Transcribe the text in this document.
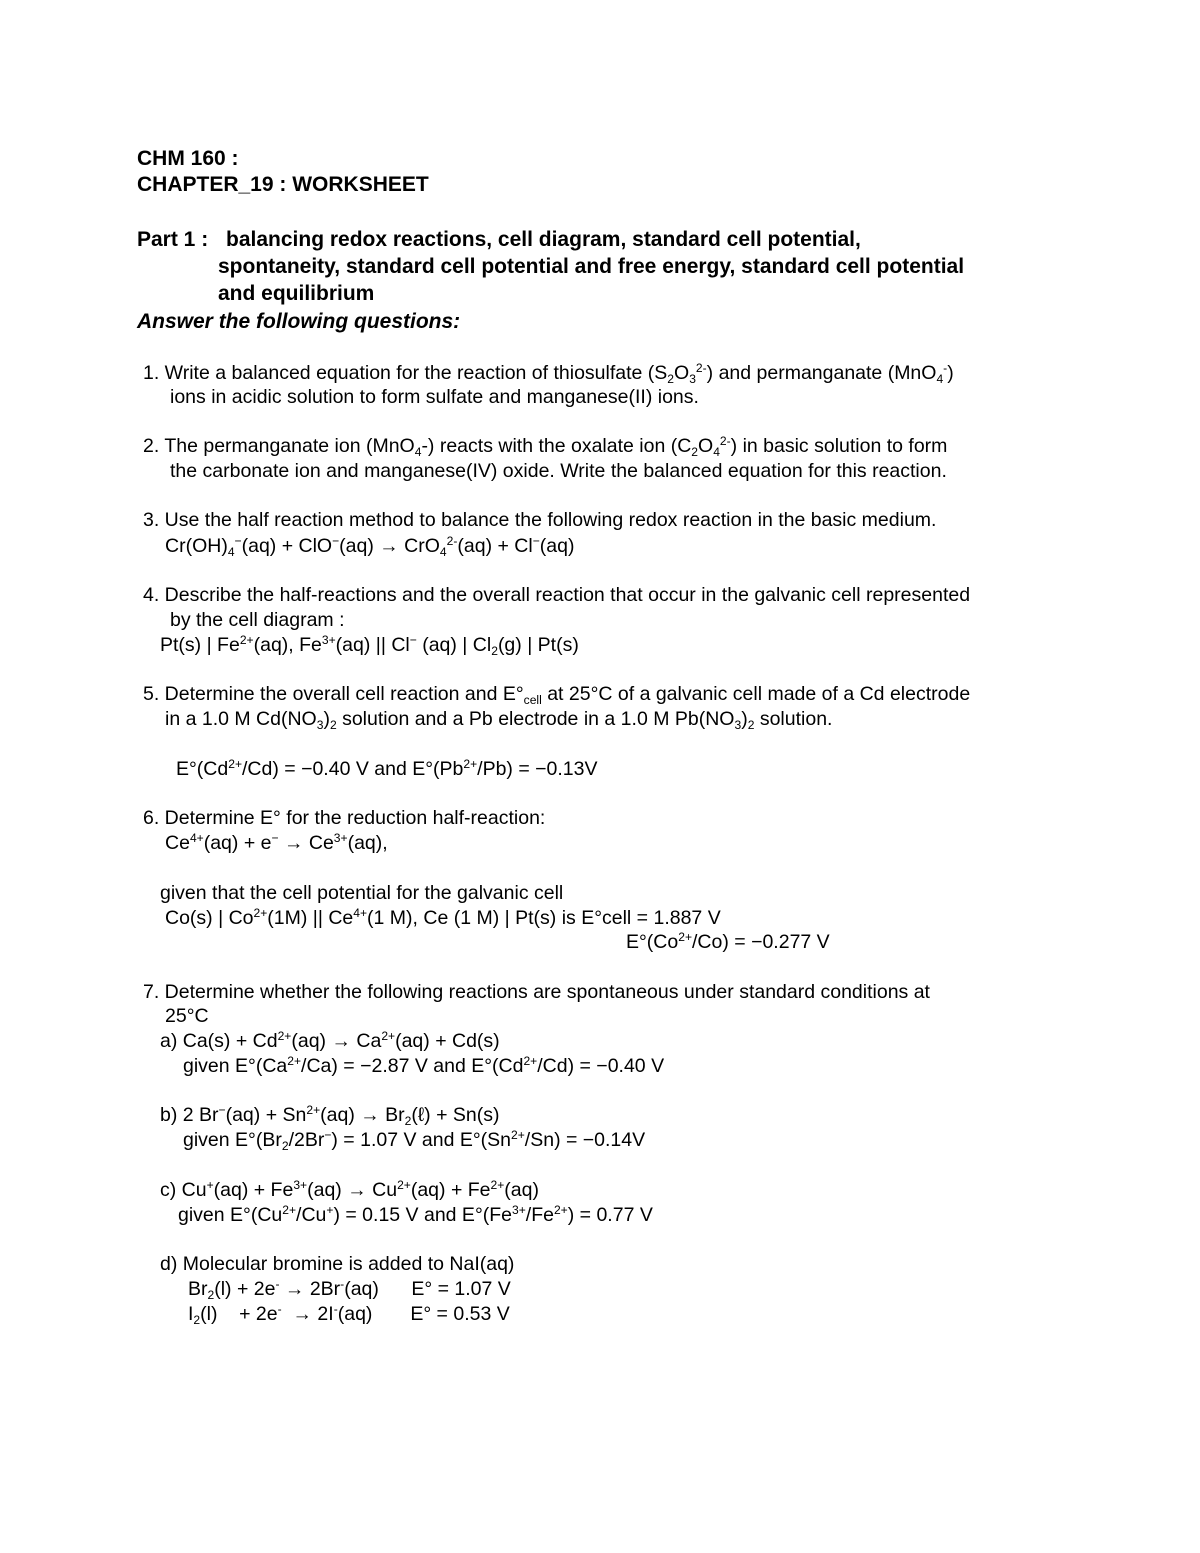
CHM 160 :
CHAPTER_19 : WORKSHEET
Part 1 : balancing redox reactions, cell diagram, standard cell potential,
spontaneity, standard cell potential and free energy, standard cell potential
and equilibrium
Answer the following questions:
1. Write a balanced equation for the reaction of thiosulfate $(S_2O_3^{2-})$ and permanganate (MnO$_4$-)
ions in acidic solution to form sulfate and manganese(II) ions.
2. The permanganate ion (MnO$_4$-) reacts with the oxalate ion $(C_2O_4^{2-})$ in basic solution to form
the carbonate ion and manganese(IV) oxide. Write the balanced equation for this reaction.
3. Use the half reaction method to balance the following redox reaction in the basic medium.
$Cr(OH)_4^-(aq) + ClO^-(aq) \to CrO_4^{2-}(aq) + Cl^-(aq)$
4. Describe the half-reactions and the overall reaction that occur in the galvanic cell represented
by the cell diagram :
Pt(s) | $Fe^{2+}(aq)$, $Fe^{3+}(aq)$ || Cl− (aq) | $Cl_2(g)$ | Pt(s)
5. Determine the overall cell reaction and $E^\circ_{cell}$ at 25°C of a galvanic cell made of a Cd electrode
in a 1.0 M $Cd(NO_3)_2$ solution and a Pb electrode in a 1.0 M $Pb(NO_3)_2$ solution.
$E^\circ(Cd^{2+}/Cd) = -0.40$ V and $E^\circ(Pb^{2+}/Pb) = -0.13V$
6. Determine E° for the reduction half-reaction:
$Ce^{4+}(aq) + e^- \to Ce^{3+}(aq)$,
given that the cell potential for the galvanic cell
Co(s) | $Co^{2+}(1M)$ || $Ce^{4+}(1$ M), Ce (1 M) | Pt(s) is E°cell = 1.887 V
$E^\circ(Co^{2+}/Co) = -0.277$ V
7. Determine whether the following reactions are spontaneous under standard conditions at
25°C
a) $Ca(s) + Cd^{2+}(aq) \to Ca^{2+}(aq) + Cd(s)$
given $E^\circ(Ca^{2+}/Ca) = -2.87$ V and $E^\circ(Cd^{2+}/Cd) = -0.40$ V
b) 2 $Br^-(aq) + Sn^{2+}(aq)$ → $Br_2(\ell) + Sn(s)$
given $E^\circ(Br_2/2Br^-) = 1.07$ V and $E^\circ(Sn^{2+}/Sn) = -0.14V$
c) $Cu^+(aq) + Fe^{3+}(aq) \to Cu^{2+}(aq) + Fe^{2+}(aq)$
given $E^\circ(Cu^{2+}/Cu^+) = 0.15$ V and $E^\circ(Fe^{3+}/Fe^{2+}) = 0.77$ V
d) Molecular bromine is added to NaI(aq)
$Br_2(l) + 2e^- \to 2Br^-(aq)$      E° = 1.07 V
$I_2(l)$    + 2e-  → 2I-(aq)       E° = 0.53 V
